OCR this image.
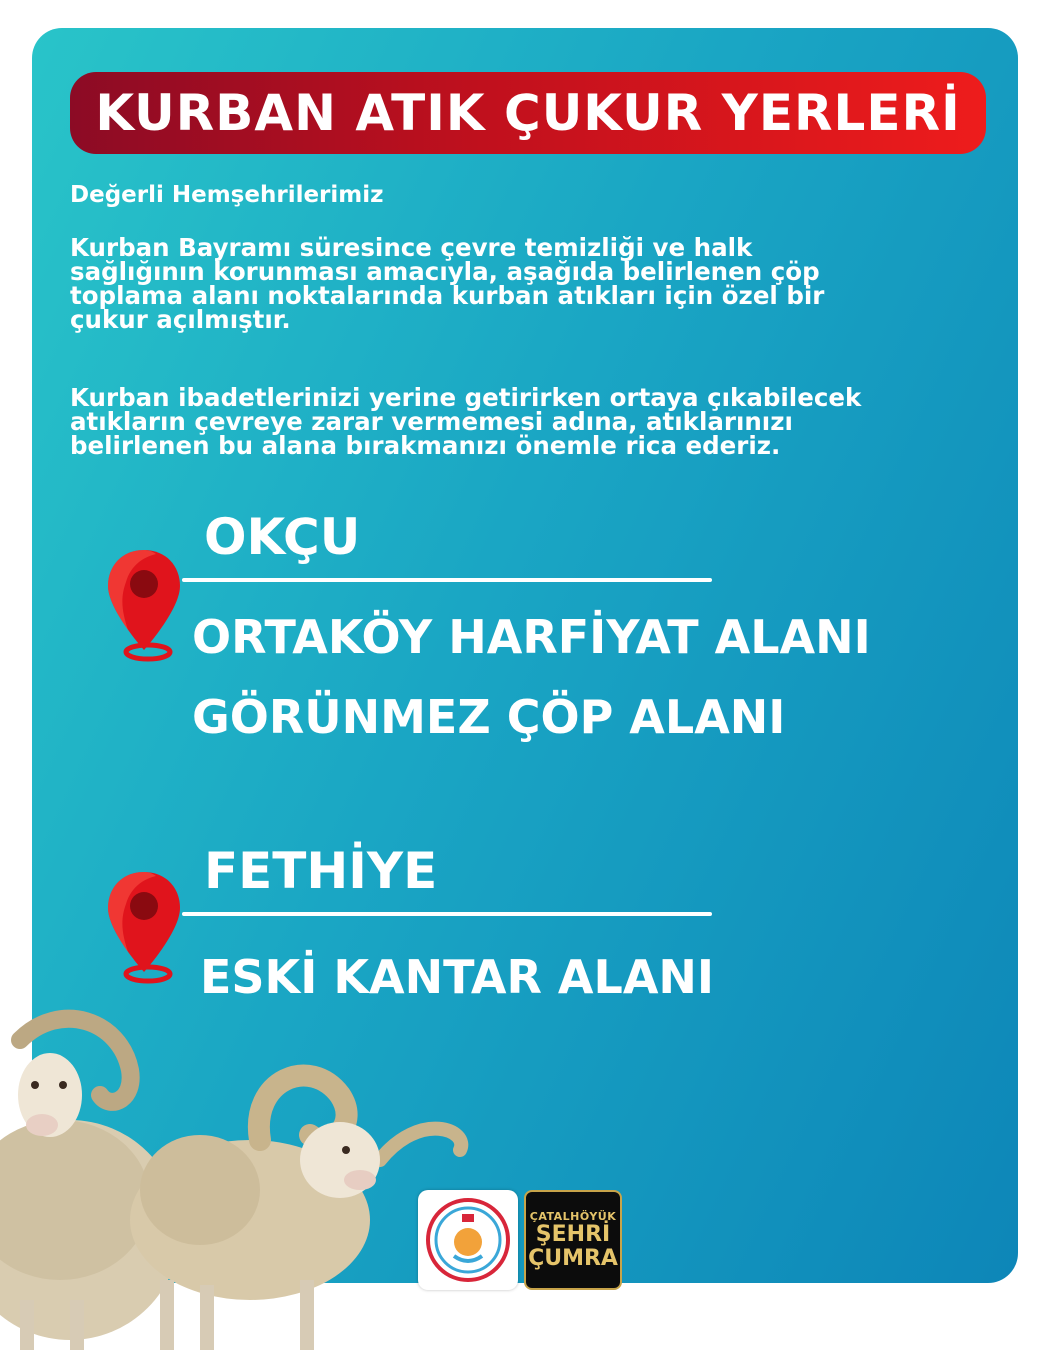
KURBAN ATIK ÇUKUR YERLERİ
Değerli Hemşehrilerimiz
Kurban Bayramı süresince çevre temizliği ve halk
sağlığının korunması amacıyla, aşağıda belirlenen çöp
toplama alanı noktalarında kurban atıkları için özel bir
çukur açılmıştır.
Kurban ibadetlerinizi yerine getirirken ortaya çıkabilecek
atıkların çevreye zarar vermemesi adına, atıklarınızı
belirlenen bu alana bırakmanızı önemle rica ederiz.
OKÇU
ORTAKÖY HARFİYAT ALANI
GÖRÜNMEZ ÇÖP ALANI
FETHİYE
ESKİ KANTAR ALANI
ÇATALHÖYÜK
ŞEHRİ
ÇUMRA
